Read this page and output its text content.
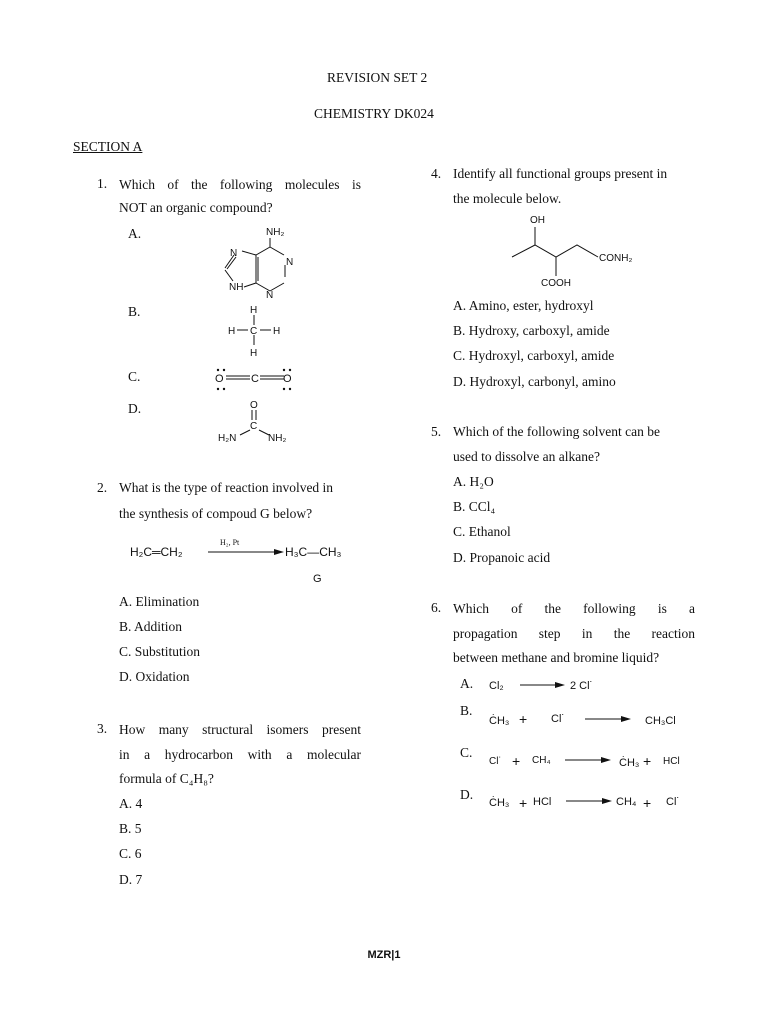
REVISION SET 2
CHEMISTRY DK024
SECTION A
1. Which of the following molecules is
NOT an organic compound?
A.
B.
C.
D.
NH₂
N
N
N
NH
H
C
H	H
H
O C O
O
C
H₂N	NH₂
2. What is the type of reaction involved in
the synthesis of compoud G below?
H₂C═CH₂
H₂, Pt
H₃C—CH₃
G
A. Elimination
B. Addition
C. Substitution
D. Oxidation
3. How many structural isomers present
in a hydrocarbon with a molecular
formula of C₄H₈?
A. 4
B. 5
C. 6
D. 7
4. Identify all functional groups present in
the molecule below.
OH
CONH₂
COOH
A. Amino, ester, hydroxyl
B. Hydroxy, carboxyl, amide
C. Hydroxyl, carboxyl, amide
D. Hydroxyl, carbonyl, amino
5. Which of the following solvent can be
used to dissolve an alkane?
A. H₂O
B. CCl₄
C. Ethanol
D. Propanoic acid
6. Which of the following is a
propagation step in the reaction
between methane and bromine liquid?
A.
B.
C.
D.
Cl₂	2 Cl˙
ĊH₃ + Cl˙	CH₃Cl
Cl˙ + CH₄	ĊH₃ + HCl
ĊH₃ + HCl	CH₄ + Cl˙
MZR|1
